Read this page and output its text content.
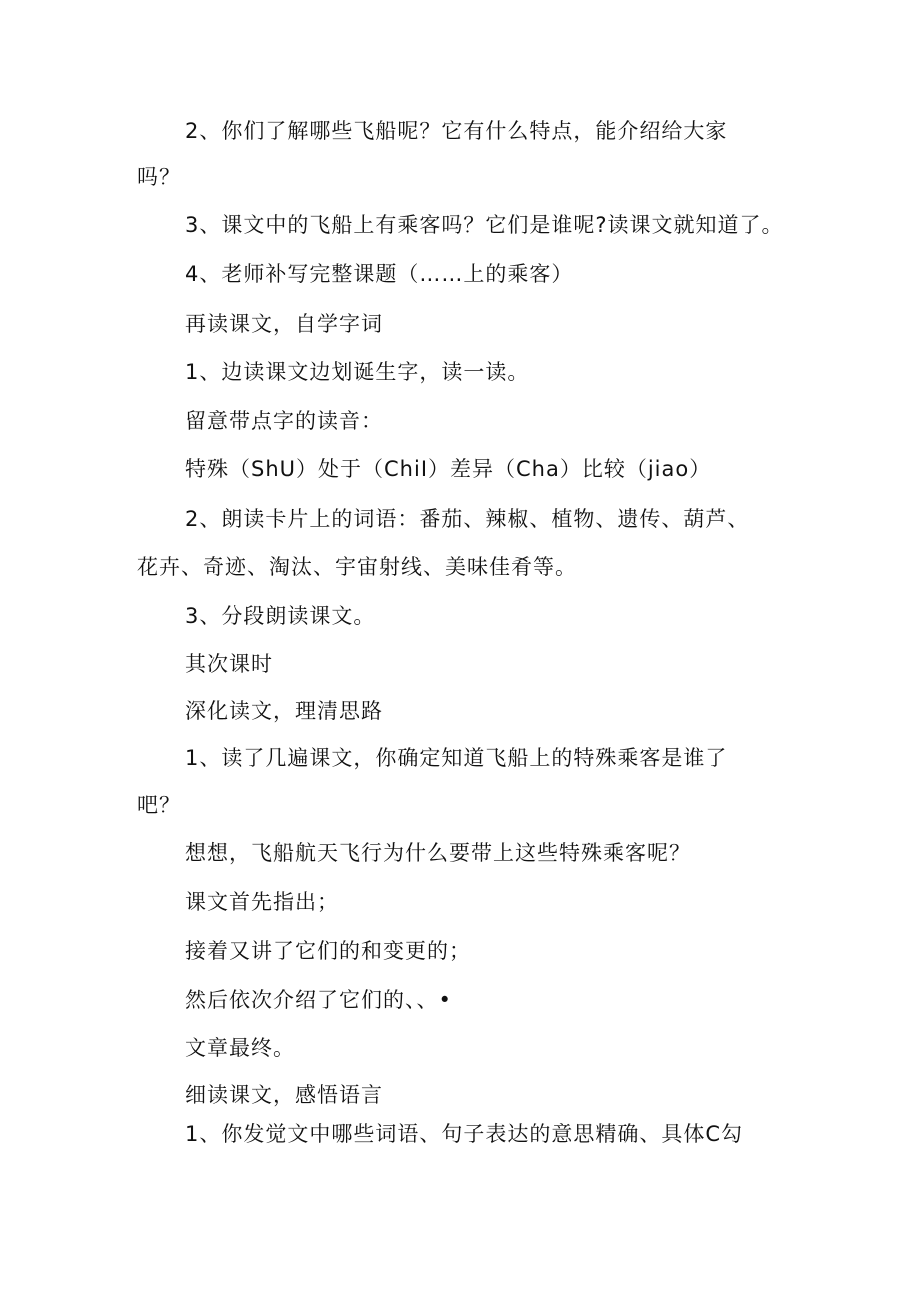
2、你们了解哪些飞船呢？它有什么特点，能介绍给大家
吗？
3、课文中的飞船上有乘客吗？它们是谁呢?读课文就知道了。
4、老师补写完整课题（……上的乘客）
再读课文，自学字词
1、边读课文边划诞生字，读一读。
留意带点字的读音：
特殊（ShU）处于（ChiI）差异（Cha）比较（jiao）
2、朗读卡片上的词语：番茄、辣椒、植物、遗传、葫芦、
花卉、奇迹、淘汰、宇宙射线、美味佳肴等。
3、分段朗读课文。
其次课时
深化读文，理清思路
1、读了几遍课文，你确定知道飞船上的特殊乘客是谁了
吧？
想想，飞船航天飞行为什么要带上这些特殊乘客呢？
课文首先指出；
接着又讲了它们的和变更的；
然后依次介绍了它们的、、•
文章最终。
细读课文，感悟语言
1、你发觉文中哪些词语、句子表达的意思精确、具体C勾
